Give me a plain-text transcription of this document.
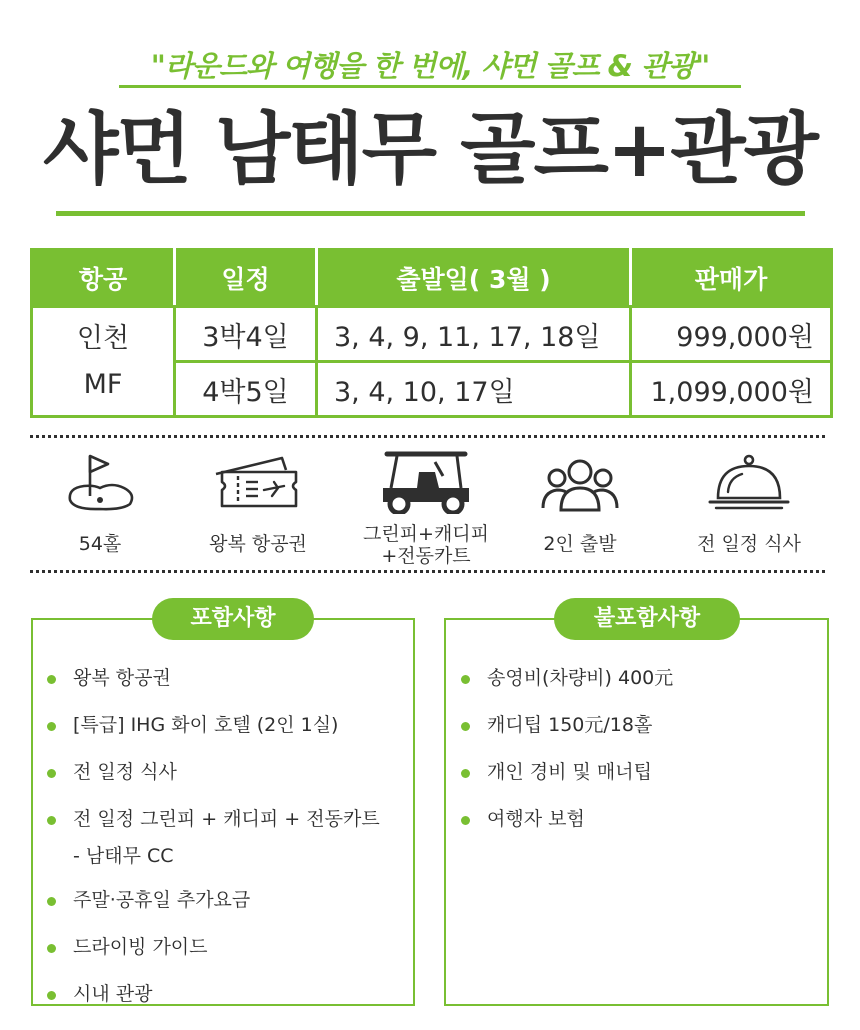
"라운드와 여행을 한 번에, 샤먼 골프 & 관광"
샤먼 남태무 골프+관광
항공	일정	출발일( 3월 )	판매가
인천
MF	3박4일	3, 4, 9, 11, 17, 18일	999,000원
	4박5일	3, 4, 10, 17일	1,099,000원
54홀	왕복 항공권	그린피+캐디피
+전동카트
2인 출발	전 일정 식사
포함사항
왕복 항공권
[특급] IHG 화이 호텔 (2인 1실)
전 일정 식사
전 일정 그린피 + 캐디피 + 전동카트
- 남태무 CC
주말·공휴일 추가요금
드라이빙 가이드
시내 관광
불포함사항
송영비(차량비) 400元
캐디팁 150元/18홀
개인 경비 및 매너팁
여행자 보험
